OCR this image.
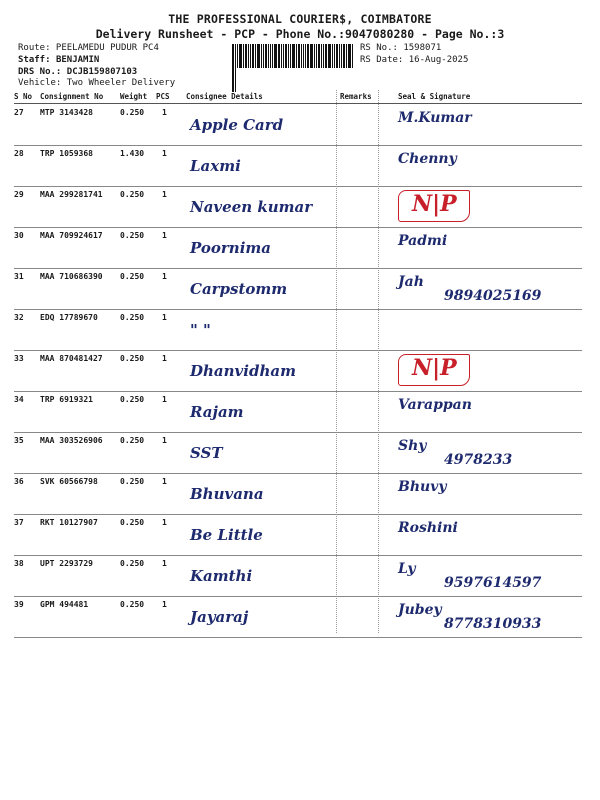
THE PROFESSIONAL COURIER$, COIMBATORE
Delivery Runsheet - PCP - Phone No.:9047080280 - Page No.:3
Route: PEELAMEDU PUDUR PC4
Staff: BENJAMIN
DRS No.: DCJB159807103
Vehicle: Two Wheeler Delivery
RS No.: 1598071
RS Date: 16-Aug-2025
S No Consignment No Weight PCS Consignee Details	Remarks	Seal & Signature
27 MTP 3143428	0.250 1
Apple Card	M.Kumar
28 TRP 1059368	1.430 1
Laxmi	Chenny
29 MAA 299281741 0.250 1
Naveen kumar	N|P
30 MAA 709924617 0.250 1
Poornima	Padmi
31 MAA 710686390 0.250 1
Carpstomm	Jah
9894025169
32 EDQ 17789670	0.250 1
" "
33 MAA 870481427 0.250 1
Dhanvidham	N|P
34 TRP 6919321	0.250 1
Rajam	Varappan
35 MAA 303526906 0.250 1
SST	Shy
4978233
36 SVK 60566798	0.250 1
Bhuvana	Bhuvy
37 RKT 10127907	0.250 1
Be Little	Roshini
38 UPT 2293729	0.250 1
Kamthi	Ly
9597614597
39 GPM 494481	0.250 1
Jayaraj	Jubey
8778310933
